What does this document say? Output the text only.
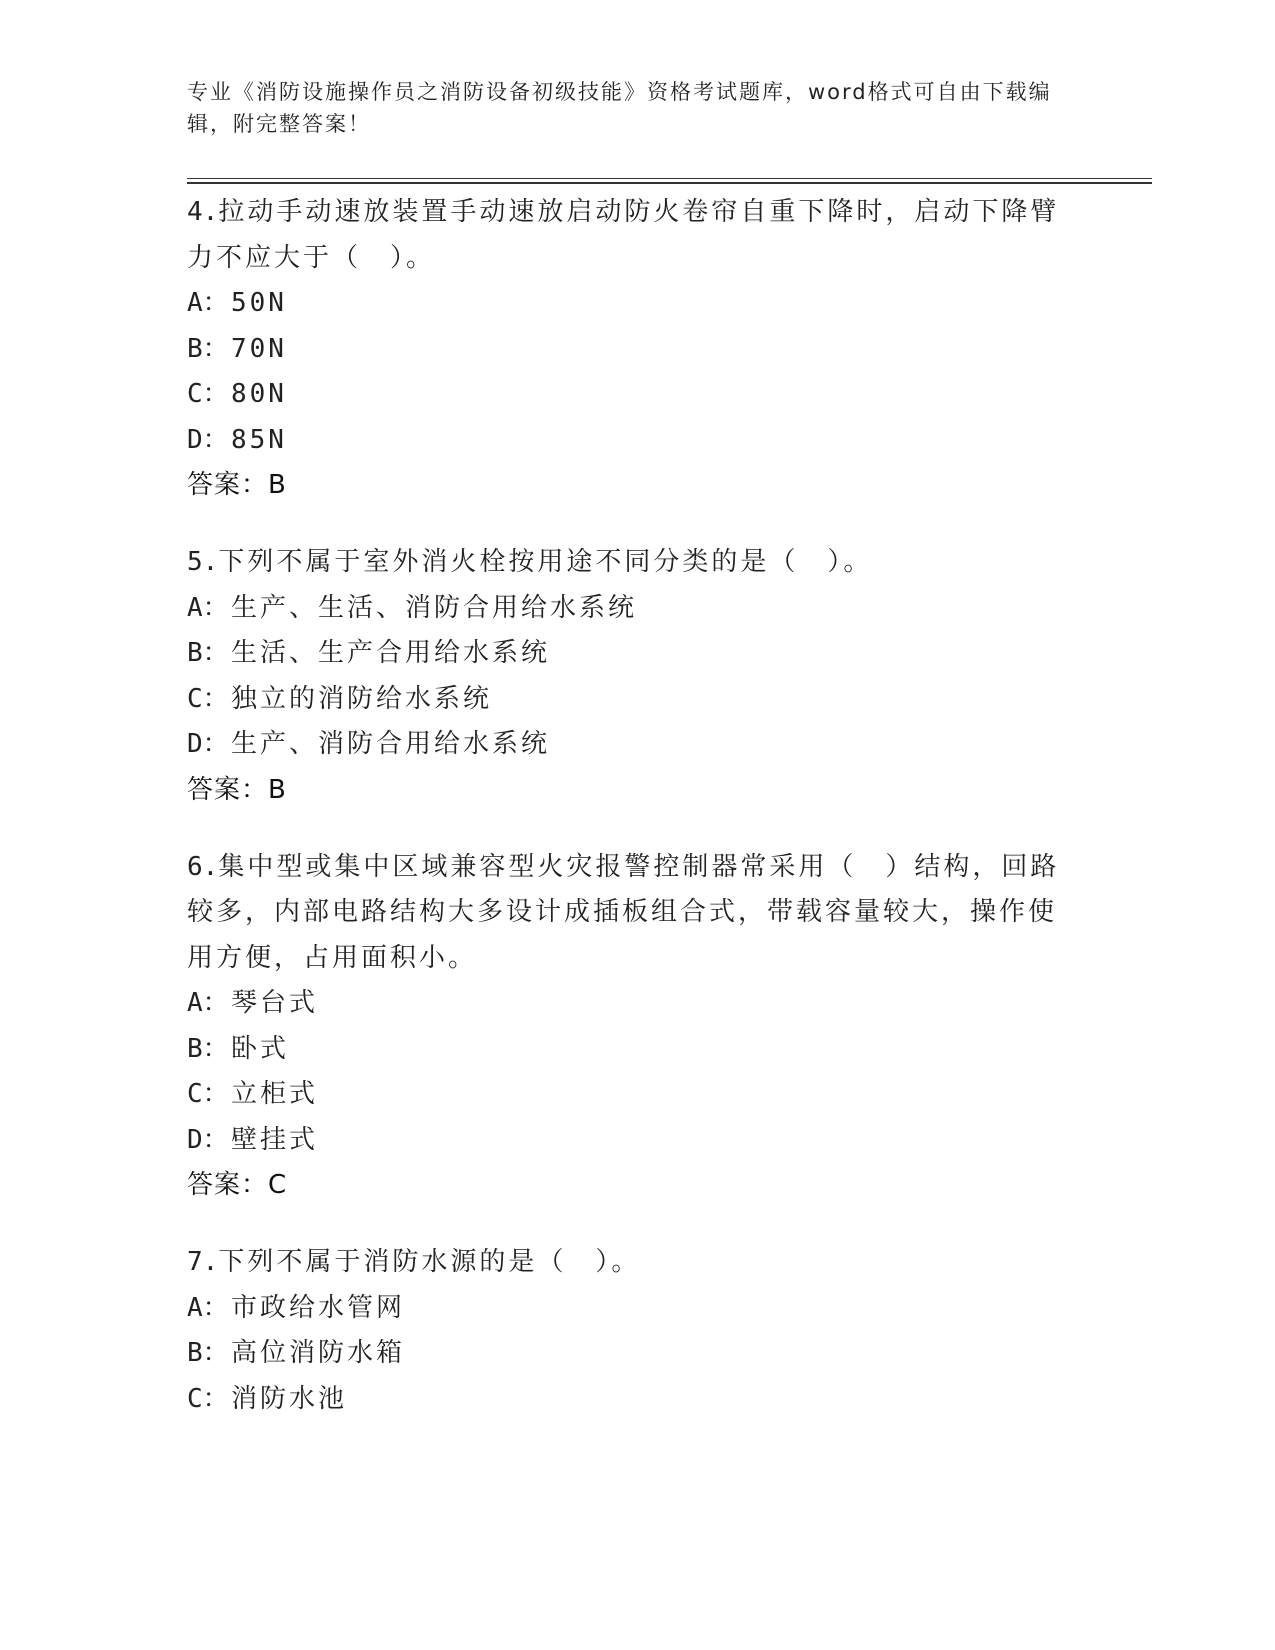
专业《消防设施操作员之消防设备初级技能》资格考试题库，word格式可自由下载编辑，附完整答案！

4.拉动手动速放装置手动速放启动防火卷帘自重下降时，启动下降臂力不应大于（　）。

A：50N
B：70N
C：80N
D：85N
答案：B

5.下列不属于室外消火栓按用途不同分类的是（　）。

A：生产、生活、消防合用给水系统
B：生活、生产合用给水系统
C：独立的消防给水系统
D：生产、消防合用给水系统
答案：B

6.集中型或集中区域兼容型火灾报警控制器常采用（　）结构，回路较多，内部电路结构大多设计成插板组合式，带载容量较大，操作使用方便，占用面积小。

A：琴台式
B：卧式
C：立柜式
D：壁挂式
答案：C

7.下列不属于消防水源的是（　）。

A：市政给水管网
B：高位消防水箱
C：消防水池
